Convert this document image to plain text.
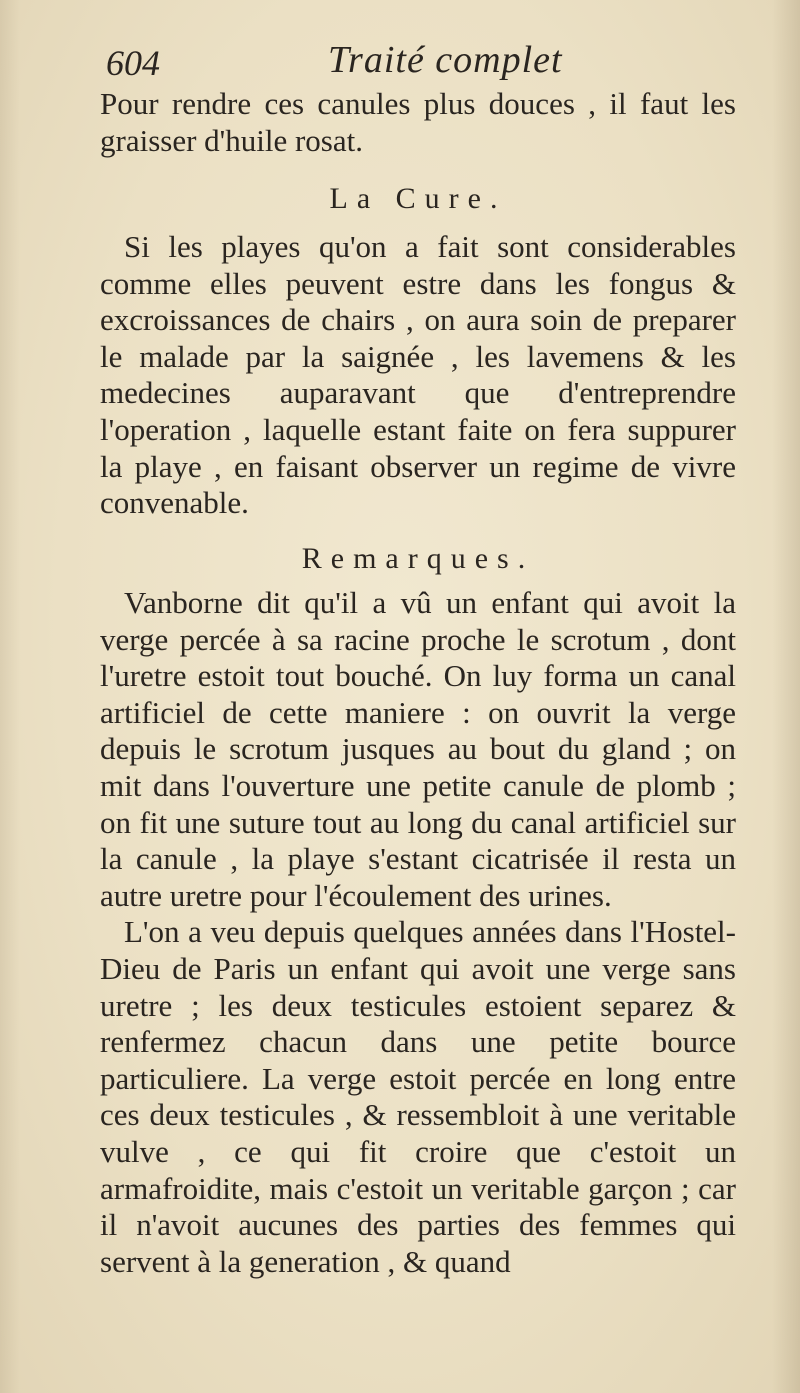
604	Traité complet

Pour rendre ces canules plus douces , il faut les graisser d'huile rosat.

La Cure.

Si les playes qu'on a fait sont considerables comme elles peuvent estre dans les fongus & excroissances de chairs , on aura soin de preparer le malade par la saignée , les lavemens & les medecines auparavant que d'entreprendre l'operation , laquelle estant faite on fera suppurer la playe , en faisant observer un regime de vivre convenable.

Remarques.

Vanborne dit qu'il a vû un enfant qui avoit la verge percée à sa racine proche le scrotum , dont l'uretre estoit tout bouché. On luy forma un canal artificiel de cette maniere : on ouvrit la verge depuis le scrotum jusques au bout du gland ; on mit dans l'ouverture une petite canule de plomb ; on fit une suture tout au long du canal artificiel sur la canule , la playe s'estant cicatrisée il resta un autre uretre pour l'écoulement des urines.

L'on a veu depuis quelques années dans l'Hostel-Dieu de Paris un enfant qui avoit une verge sans uretre ; les deux testicules estoient separez & renfermez chacun dans une petite bource particuliere. La verge estoit percée en long entre ces deux testicules , & ressembloit à une veritable vulve , ce qui fit croire que c'estoit un armafroidite, mais c'estoit un veritable garçon ; car il n'avoit aucunes des parties des femmes qui servent à la generation , & quand
